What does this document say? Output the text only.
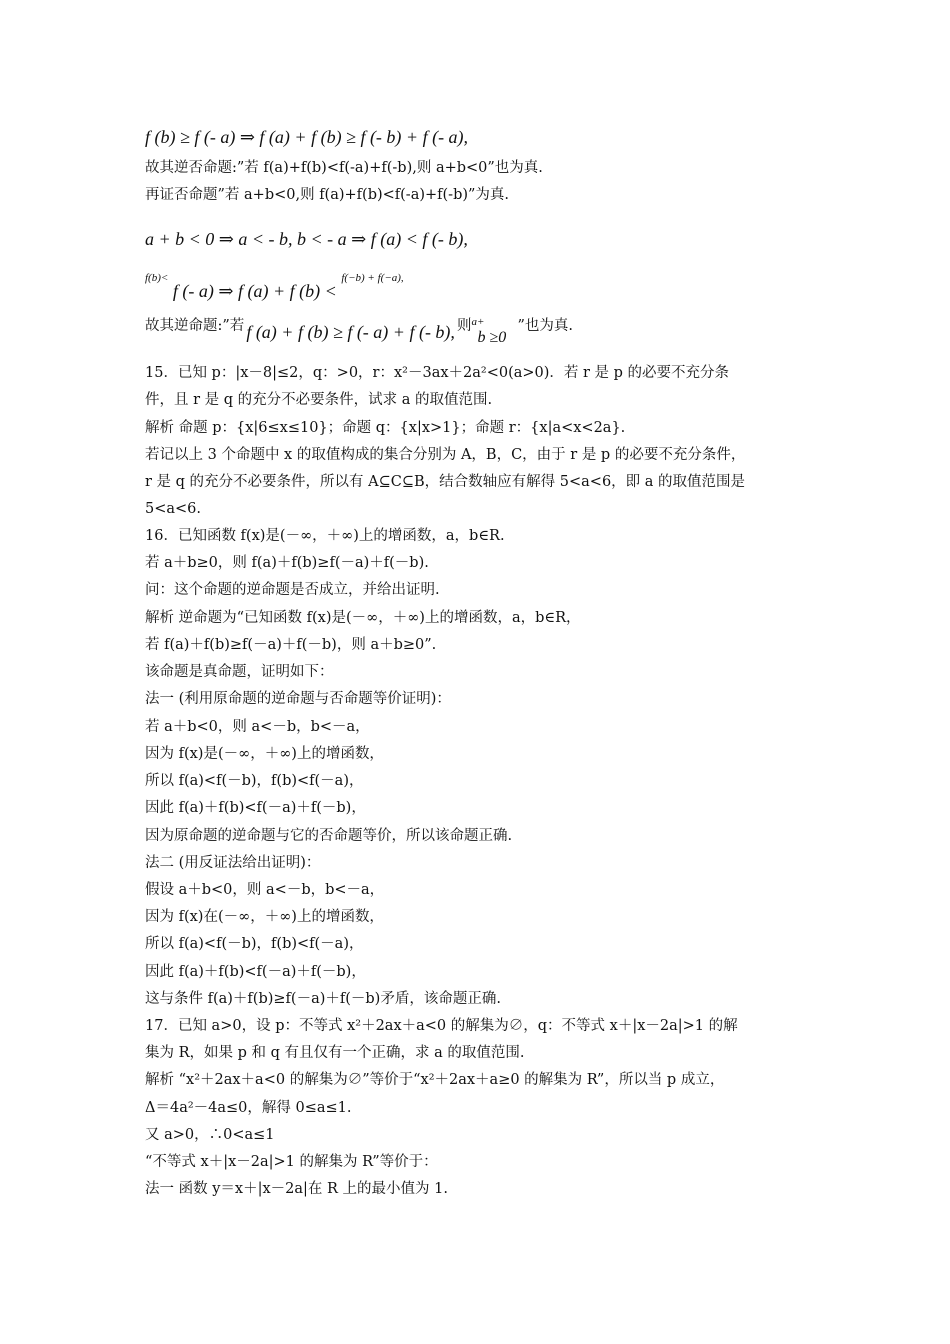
f (b) ≥ f (- a) ⇒ f (a) + f (b) ≥ f (- b) + f (- a),
故其逆否命题:”若 f(a)+f(b)<f(-a)+f(-b),则 a+b<0”也为真.
再证否命题”若 a+b<0,则 f(a)+f(b)<f(-a)+f(-b)”为真.
a + b < 0 ⇒ a < - b, b < - a ⇒ f (a) < f (- b),
$^{f(b)<}$ f (- a) ⇒ f (a) + f (b) < $^{f(-b) + f(-a),}$
故其逆命题:”若 f (a) + f (b) ≥ f (- a) + f (- b), 则 a+
b ≥0
”也为真.
15．已知 p：|x－8|≤2，q：>0，r：x²－3ax＋2a²<0(a>0)．若 r 是 p 的必要不充分条
件，且 r 是 q 的充分不必要条件，试求 a 的取值范围.
解析 命题 p：{x|6≤x≤10}；命题 q：{x|x>1}；命题 r：{x|a<x<2a}.
若记以上 3 个命题中 x 的取值构成的集合分别为 A，B，C，由于 r 是 p 的必要不充分条件，
r 是 q 的充分不必要条件，所以有 A⊆C⊆B，结合数轴应有解得 5<a<6，即 a 的取值范围是
5<a<6.
16．已知函数 f(x)是(－∞，＋∞)上的增函数，a，b∈R.
若 a＋b≥0，则 f(a)＋f(b)≥f(－a)＋f(－b).
问：这个命题的逆命题是否成立，并给出证明.
解析 逆命题为“已知函数 f(x)是(－∞，＋∞)上的增函数，a，b∈R，
若 f(a)＋f(b)≥f(－a)＋f(－b)，则 a＋b≥0”.
该命题是真命题，证明如下：
法一 (利用原命题的逆命题与否命题等价证明)：
若 a＋b<0，则 a<－b，b<－a，
因为 f(x)是(－∞，＋∞)上的增函数，
所以 f(a)<f(－b)，f(b)<f(－a)，
因此 f(a)＋f(b)<f(－a)＋f(－b)，
因为原命题的逆命题与它的否命题等价，所以该命题正确.
法二 (用反证法给出证明)：
假设 a＋b<0，则 a<－b，b<－a，
因为 f(x)在(－∞，＋∞)上的增函数，
所以 f(a)<f(－b)，f(b)<f(－a)，
因此 f(a)＋f(b)<f(－a)＋f(－b)，
这与条件 f(a)＋f(b)≥f(－a)＋f(－b)矛盾，该命题正确.
17．已知 a>0，设 p：不等式 x²＋2ax＋a<0 的解集为∅，q：不等式 x＋|x－2a|>1 的解
集为 R，如果 p 和 q 有且仅有一个正确，求 a 的取值范围.
解析 “x²＋2ax＋a<0 的解集为∅”等价于“x²＋2ax＋a≥0 的解集为 R”，所以当 p 成立，
Δ＝4a²－4a≤0，解得 0≤a≤1.
又 a>0，∴0<a≤1
“不等式 x＋|x－2a|>1 的解集为 R”等价于：
法一 函数 y＝x＋|x－2a|在 R 上的最小值为 1.
